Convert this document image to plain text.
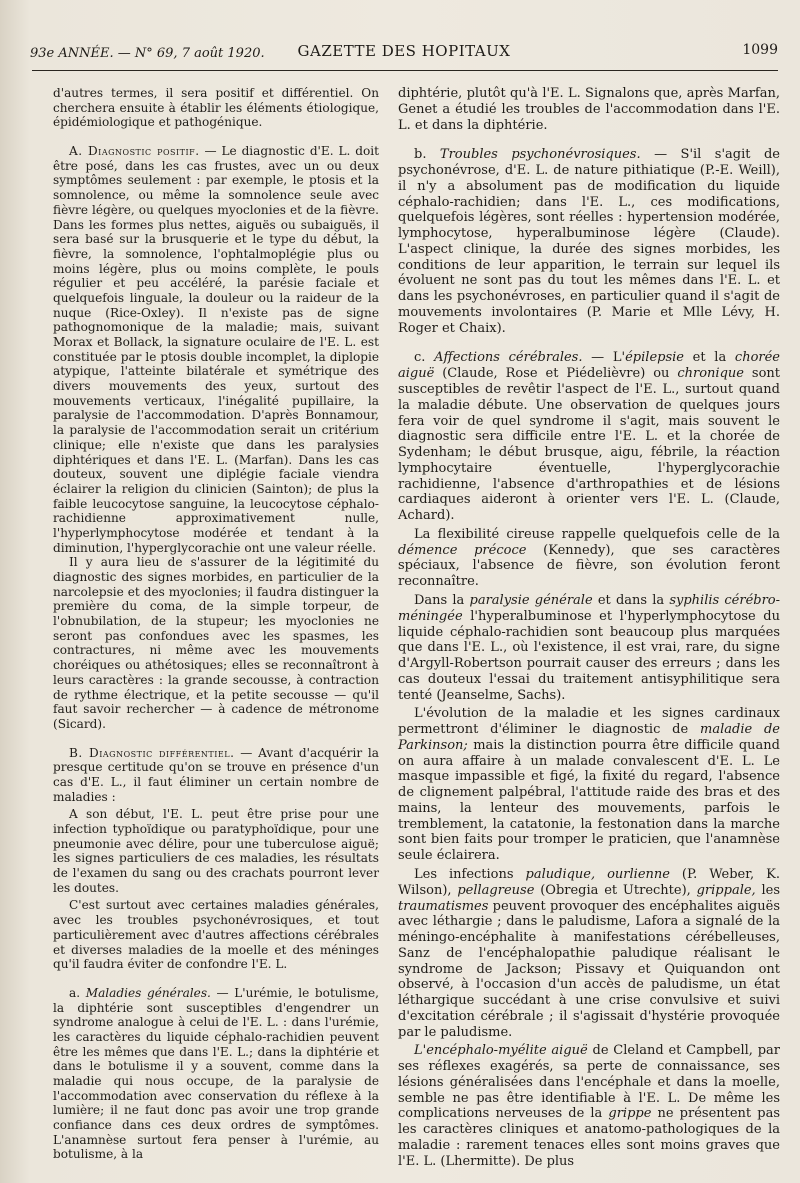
93e ANNÉE. — N° 69, 7 août 1920.	GAZETTE DES HOPITAUX	1099

d'autres termes, il sera positif et différentiel. On cherchera ensuite à établir les éléments étiologique, épidémiologique et pathogénique.

A. Diagnostic positif. — Le diagnostic d'E. L. doit être posé, dans les cas frustes, avec un ou deux symptômes seulement : par exemple, le ptosis et la somnolence, ou même la somnolence seule avec fièvre légère, ou quelques myoclonies et de la fièvre. Dans les formes plus nettes, aiguës ou subaiguës, il sera basé sur la brusquerie et le type du début, la fièvre, la somnolence, l'ophtalmoplégie plus ou moins légère, plus ou moins complète, le pouls régulier et peu accéléré, la parésie faciale et quelquefois linguale, la douleur ou la raideur de la nuque (Rice-Oxley). Il n'existe pas de signe pathognomonique de la maladie; mais, suivant Morax et Bollack, la signature oculaire de l'E. L. est constituée par le ptosis double incomplet, la diplopie atypique, l'atteinte bilatérale et symétrique des divers mouvements des yeux, surtout des mouvements verticaux, l'inégalité pupillaire, la paralysie de l'accommodation. D'après Bonnamour, la paralysie de l'accommodation serait un critérium clinique; elle n'existe que dans les paralysies diphtériques et dans l'E. L. (Marfan). Dans les cas douteux, souvent une diplégie faciale viendra éclairer la religion du clinicien (Sainton); de plus la faible leucocytose sanguine, la leucocytose céphalo-rachidienne approximativement nulle, l'hyperlymphocytose modérée et tendant à la diminution, l'hyperglycorachie ont une valeur réelle.

Il y aura lieu de s'assurer de la légitimité du diagnostic des signes morbides, en particulier de la narcolepsie et des myoclonies; il faudra distinguer la première du coma, de la simple torpeur, de l'obnubilation, de la stupeur; les myoclonies ne seront pas confondues avec les spasmes, les contractures, ni même avec les mouvements choréiques ou athétosiques; elles se reconnaîtront à leurs caractères : la grande secousse, à contraction de rythme électrique, et la petite secousse — qu'il faut savoir rechercher — à cadence de métronome (Sicard).

B. Diagnostic différentiel. — Avant d'acquérir la presque certitude qu'on se trouve en présence d'un cas d'E. L., il faut éliminer un certain nombre de maladies :

A son début, l'E. L. peut être prise pour une infection typhoïdique ou paratyphoïdique, pour une pneumonie avec délire, pour une tuberculose aiguë; les signes particuliers de ces maladies, les résultats de l'examen du sang ou des crachats pourront lever les doutes.

C'est surtout avec certaines maladies générales, avec les troubles psychonévrosiques, et tout particulièrement avec d'autres affections cérébrales et diverses maladies de la moelle et des méninges qu'il faudra éviter de confondre l'E. L.

a. Maladies générales. — L'urémie, le botulisme, la diphtérie sont susceptibles d'engendrer un syndrome analogue à celui de l'E. L. : dans l'urémie, les caractères du liquide céphalo-rachidien peuvent être les mêmes que dans l'E. L.; dans la diphtérie et dans le botulisme il y a souvent, comme dans la maladie qui nous occupe, de la paralysie de l'accommodation avec conservation du réflexe à la lumière; il ne faut donc pas avoir une trop grande confiance dans ces deux ordres de symptômes. L'anamnèse surtout fera penser à l'urémie, au botulisme, à la

diphtérie, plutôt qu'à l'E. L. Signalons que, après Marfan, Genet a étudié les troubles de l'accommodation dans l'E. L. et dans la diphtérie.

b. Troubles psychonévrosiques. — S'il s'agit de psychonévrose, d'E. L. de nature pithiatique (P.-E. Weill), il n'y a absolument pas de modification du liquide céphalo-rachidien; dans l'E. L., ces modifications, quelquefois légères, sont réelles : hypertension modérée, lymphocytose, hyperalbuminose légère (Claude). L'aspect clinique, la durée des signes morbides, les conditions de leur apparition, le terrain sur lequel ils évoluent ne sont pas du tout les mêmes dans l'E. L. et dans les psychonévroses, en particulier quand il s'agit de mouvements involontaires (P. Marie et Mlle Lévy, H. Roger et Chaix).

c. Affections cérébrales. — L'épilepsie et la chorée aiguë (Claude, Rose et Piédelièvre) ou chronique sont susceptibles de revêtir l'aspect de l'E. L., surtout quand la maladie débute. Une observation de quelques jours fera voir de quel syndrome il s'agit, mais souvent le diagnostic sera difficile entre l'E. L. et la chorée de Sydenham; le début brusque, aigu, fébrile, la réaction lymphocytaire éventuelle, l'hyperglycorachie rachidienne, l'absence d'arthropathies et de lésions cardiaques aideront à orienter vers l'E. L. (Claude, Achard).

La flexibilité cireuse rappelle quelquefois celle de la démence précoce (Kennedy), que ses caractères spéciaux, l'absence de fièvre, son évolution feront reconnaître.

Dans la paralysie générale et dans la syphilis cérébro-méningée l'hyperalbuminose et l'hyperlymphocytose du liquide céphalo-rachidien sont beaucoup plus marquées que dans l'E. L., où l'existence, il est vrai, rare, du signe d'Argyll-Robertson pourrait causer des erreurs ; dans les cas douteux l'essai du traitement antisyphilitique sera tenté (Jeanselme, Sachs).

L'évolution de la maladie et les signes cardinaux permettront d'éliminer le diagnostic de maladie de Parkinson; mais la distinction pourra être difficile quand on aura affaire à un malade convalescent d'E. L. Le masque impassible et figé, la fixité du regard, l'absence de clignement palpébral, l'attitude raide des bras et des mains, la lenteur des mouvements, parfois le tremblement, la catatonie, la festonation dans la marche sont bien faits pour tromper le praticien, que l'anamnèse seule éclairera.

Les infections paludique, ourlienne (P. Weber, K. Wilson), pellagreuse (Obregia et Utrechte), grippale, les traumatismes peuvent provoquer des encéphalites aiguës avec léthargie ; dans le paludisme, Lafora a signalé de la méningo-encéphalite à manifestations cérébelleuses, Sanz de l'encéphalopathie paludique réalisant le syndrome de Jackson; Pissavy et Quiquandon ont observé, à l'occasion d'un accès de paludisme, un état léthargique succédant à une crise convulsive et suivi d'excitation cérébrale ; il s'agissait d'hystérie provoquée par le paludisme.

L'encéphalo-myélite aiguë de Cleland et Campbell, par ses réflexes exagérés, sa perte de connaissance, ses lésions généralisées dans l'encéphale et dans la moelle, semble ne pas être identifiable à l'E. L. De même les complications nerveuses de la grippe ne présentent pas les caractères cliniques et anatomo-pathologiques de la maladie : rarement tenaces elles sont moins graves que l'E. L. (Lhermitte). De plus
